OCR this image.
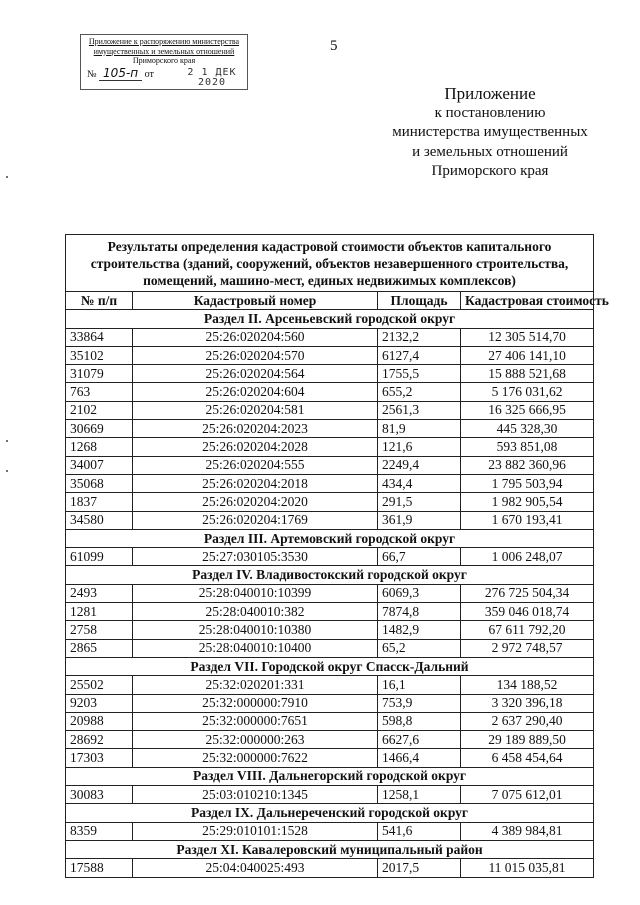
Приложение к распоряжению министерства
имущественных и земельных отношений
Приморского края
№ 105-п от	2 1 ДЕК 2020
5
Приложение
к постановлению
министерства имущественных
и земельных отношений
Приморского края
Результаты определения кадастровой стоимости объектов капитального строительства (зданий, сооружений, объектов незавершенного строительства, помещений, машино-мест, единых недвижимых комплексов)			
№ п/п	Кадастровый номер	Площадь	Кадастровая стоимость
Раздел II. Арсеньевский городской округ			
33864	25:26:020204:560	2132,2	12 305 514,70
35102	25:26:020204:570	6127,4	27 406 141,10
31079	25:26:020204:564	1755,5	15 888 521,68
763	25:26:020204:604	655,2	5 176 031,62
2102	25:26:020204:581	2561,3	16 325 666,95
30669	25:26:020204:2023	81,9	445 328,30
1268	25:26:020204:2028	121,6	593 851,08
34007	25:26:020204:555	2249,4	23 882 360,96
35068	25:26:020204:2018	434,4	1 795 503,94
1837	25:26:020204:2020	291,5	1 982 905,54
34580	25:26:020204:1769	361,9	1 670 193,41
Раздел III. Артемовский городской округ			
61099	25:27:030105:3530	66,7	1 006 248,07
Раздел IV. Владивостокский городской округ			
2493	25:28:040010:10399	6069,3	276 725 504,34
1281	25:28:040010:382	7874,8	359 046 018,74
2758	25:28:040010:10380	1482,9	67 611 792,20
2865	25:28:040010:10400	65,2	2 972 748,57
Раздел VII. Городской округ Спасск-Дальний			
25502	25:32:020201:331	16,1	134 188,52
9203	25:32:000000:7910	753,9	3 320 396,18
20988	25:32:000000:7651	598,8	2 637 290,40
28692	25:32:000000:263	6627,6	29 189 889,50
17303	25:32:000000:7622	1466,4	6 458 454,64
Раздел VIII. Дальнегорский городской округ			
30083	25:03:010210:1345	1258,1	7 075 612,01
Раздел IX. Дальнереченский городской округ			
8359	25:29:010101:1528	541,6	4 389 984,81
Раздел XI. Кавалеровский муниципальный район			
17588	25:04:040025:493	2017,5	11 015 035,81
